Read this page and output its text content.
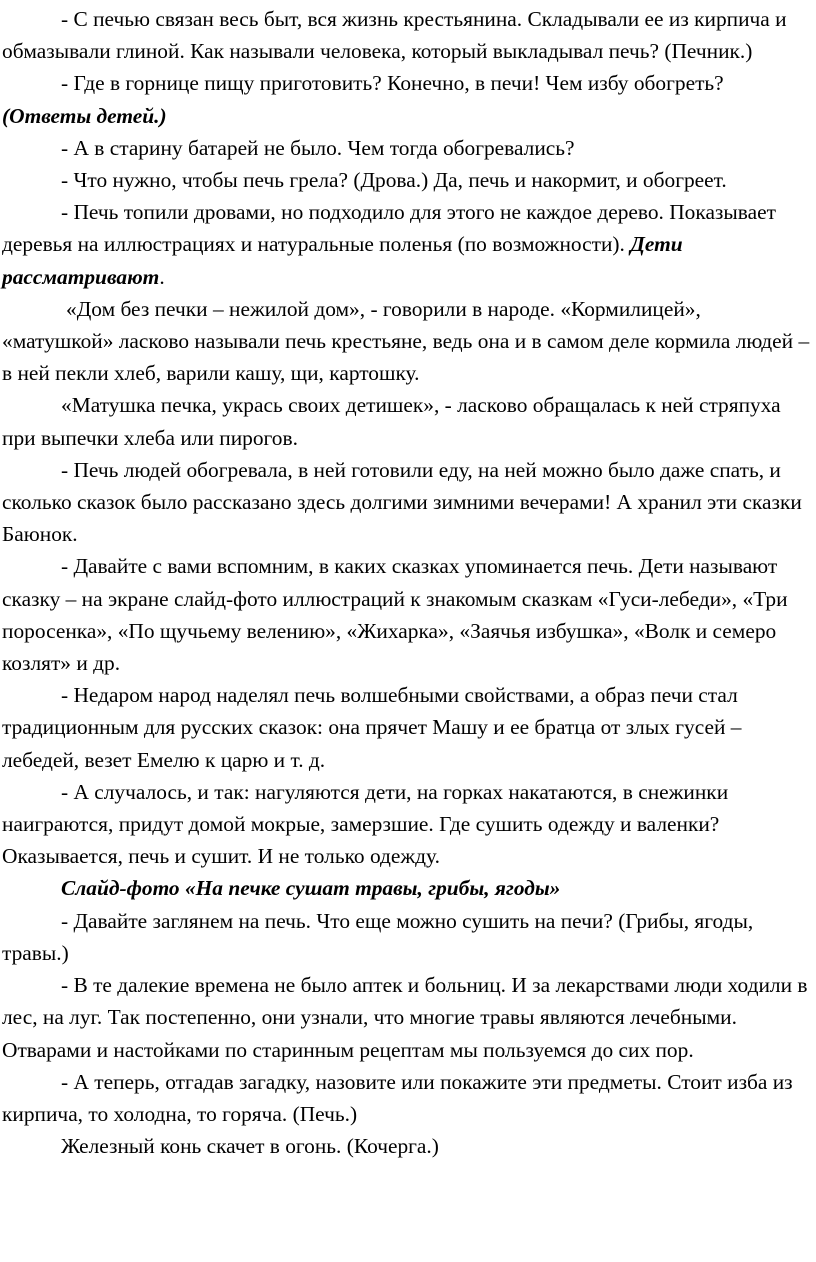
- С печью связан весь быт, вся жизнь крестьянина. Складывали ее из кирпича и обмазывали глиной. Как называли человека, который выкладывал печь? (Печник.)

- Где в горнице пищу приготовить? Конечно, в печи! Чем избу обогреть? (Ответы детей.)

- А в старину батарей не было. Чем тогда обогревались?

- Что нужно, чтобы печь грела? (Дрова.) Да, печь и накормит, и обогреет.

- Печь топили дровами, но подходило для этого не каждое дерево. Показывает деревья на иллюстрациях и натуральные поленья (по возможности). Дети рассматривают.

«Дом без печки – нежилой дом», - говорили в народе. «Кормилицей», «матушкой» ласково называли печь крестьяне, ведь она и в самом деле кормила людей – в ней пекли хлеб, варили кашу, щи, картошку.

«Матушка печка, укрась своих детишек», - ласково обращалась к ней стряпуха при выпечки хлеба или пирогов.

- Печь людей обогревала, в ней готовили еду, на ней можно было даже спать, и сколько сказок было рассказано здесь долгими зимними вечерами! А хранил эти сказки Баюнок.

- Давайте с вами вспомним, в каких сказках упоминается печь. Дети называют сказку – на экране слайд-фото иллюстраций к знакомым сказкам «Гуси-лебеди», «Три поросенка», «По щучьему велению», «Жихарка», «Заячья избушка», «Волк и семеро козлят» и др.

- Недаром народ наделял печь волшебными свойствами, а образ печи стал традиционным для русских сказок: она прячет Машу и ее братца от злых гусей – лебедей, везет Емелю к царю и т. д.

- А случалось, и так: нагуляются дети, на горках накатаются, в снежинки наиграются, придут домой мокрые, замерзшие. Где сушить одежду и валенки? Оказывается, печь и сушит. И не только одежду.

Слайд-фото «На печке сушат травы, грибы, ягоды»

- Давайте заглянем на печь. Что еще можно сушить на печи? (Грибы, ягоды, травы.)

- В те далекие времена не было аптек и больниц. И за лекарствами люди ходили в лес, на луг. Так постепенно, они узнали, что многие травы являются лечебными. Отварами и настойками по старинным рецептам мы пользуемся до сих пор.

- А теперь, отгадав загадку, назовите или покажите эти предметы. Стоит изба из кирпича, то холодна, то горяча. (Печь.)

Железный конь скачет в огонь. (Кочерга.)
